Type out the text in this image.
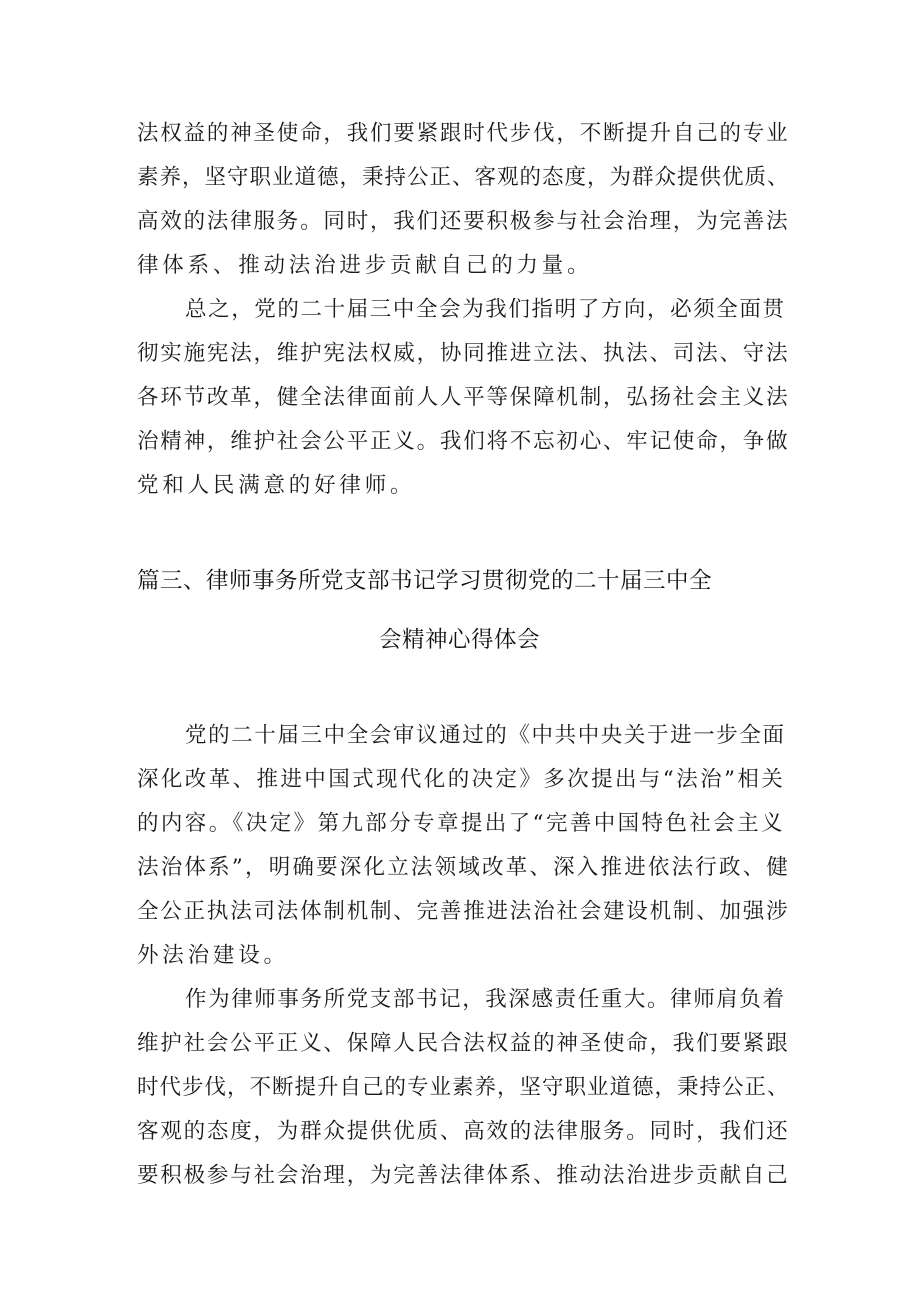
法权益的神圣使命，我们要紧跟时代步伐，不断提升自己的专业
素养，坚守职业道德，秉持公正、客观的态度，为群众提供优质、
高效的法律服务。同时，我们还要积极参与社会治理，为完善法
律体系、推动法治进步贡献自己的力量。
总之，党的二十届三中全会为我们指明了方向，必须全面贯
彻实施宪法，维护宪法权威，协同推进立法、执法、司法、守法
各环节改革，健全法律面前人人平等保障机制，弘扬社会主义法
治精神，维护社会公平正义。我们将不忘初心、牢记使命，争做
党和人民满意的好律师。
篇三、律师事务所党支部书记学习贯彻党的二十届三中全
会精神心得体会
党的二十届三中全会审议通过的《中共中央关于进一步全面
深化改革、推进中国式现代化的决定》多次提出与“法治”相关
的内容。《决定》第九部分专章提出了“完善中国特色社会主义
法治体系”，明确要深化立法领域改革、深入推进依法行政、健
全公正执法司法体制机制、完善推进法治社会建设机制、加强涉
外法治建设。
作为律师事务所党支部书记，我深感责任重大。律师肩负着
维护社会公平正义、保障人民合法权益的神圣使命，我们要紧跟
时代步伐，不断提升自己的专业素养，坚守职业道德，秉持公正、
客观的态度，为群众提供优质、高效的法律服务。同时，我们还
要积极参与社会治理，为完善法律体系、推动法治进步贡献自己
